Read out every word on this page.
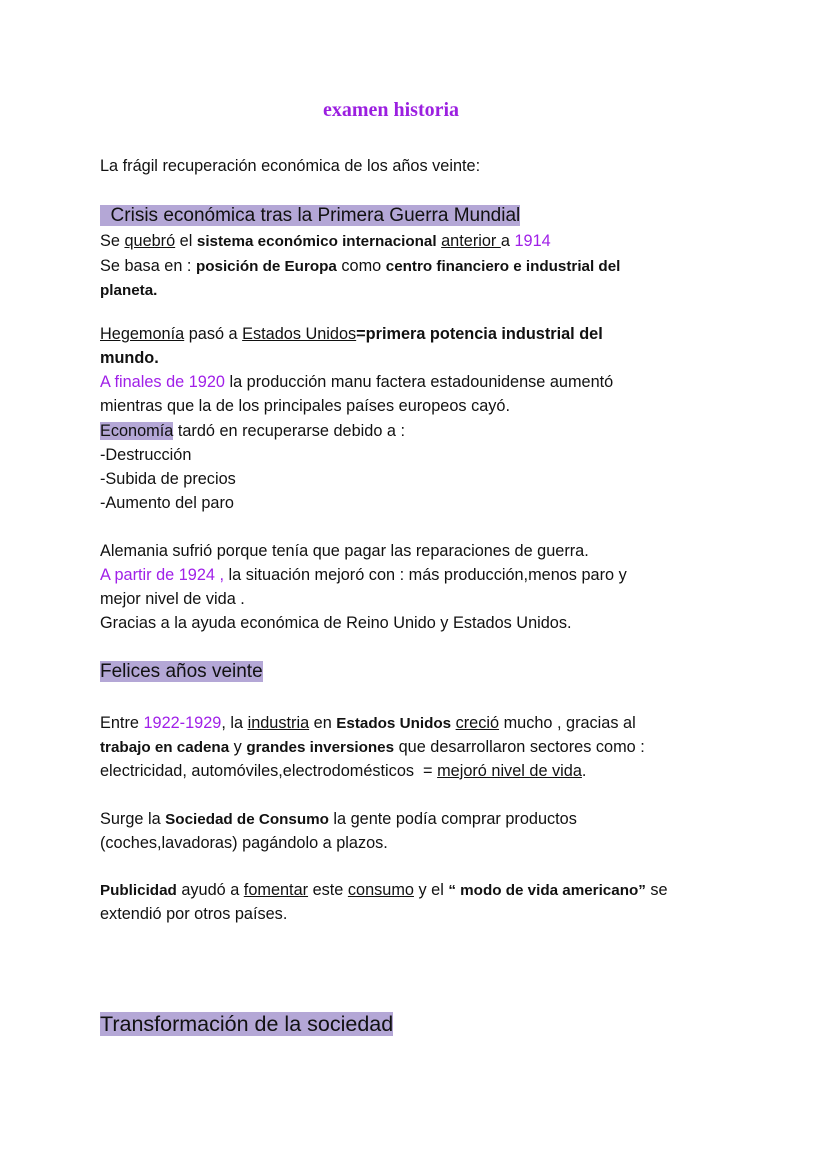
examen historia
La frágil recuperación económica de los años veinte:
Crisis económica tras la Primera Guerra Mundial
Se quebró el sistema económico internacional anterior a 1914
Se basa en : posición de Europa como centro financiero e industrial del
planeta.
Hegemonía pasó a Estados Unidos=primera potencia industrial del
mundo.
A finales de 1920 la producción manu factera estadounidense aumentó
mientras que la de los principales países europeos cayó.
Economía tardó en recuperarse debido a :
-Destrucción
-Subida de precios
-Aumento del paro
Alemania sufrió porque tenía que pagar las reparaciones de guerra.
A partir de 1924 , la situación mejoró con : más producción,menos paro y
mejor nivel de vida .
Gracias a la ayuda económica de Reino Unido y Estados Unidos.
Felices años veinte
Entre 1922-1929, la industria en Estados Unidos creció mucho , gracias al
trabajo en cadena y grandes inversiones que desarrollaron sectores como :
electricidad, automóviles,electrodomésticos  = mejoró nivel de vida.
Surge la Sociedad de Consumo la gente podía comprar productos
(coches,lavadoras) pagándolo a plazos.
Publicidad ayudó a fomentar este consumo y el “ modo de vida americano” se
extendió por otros países.
Transformación de la sociedad
